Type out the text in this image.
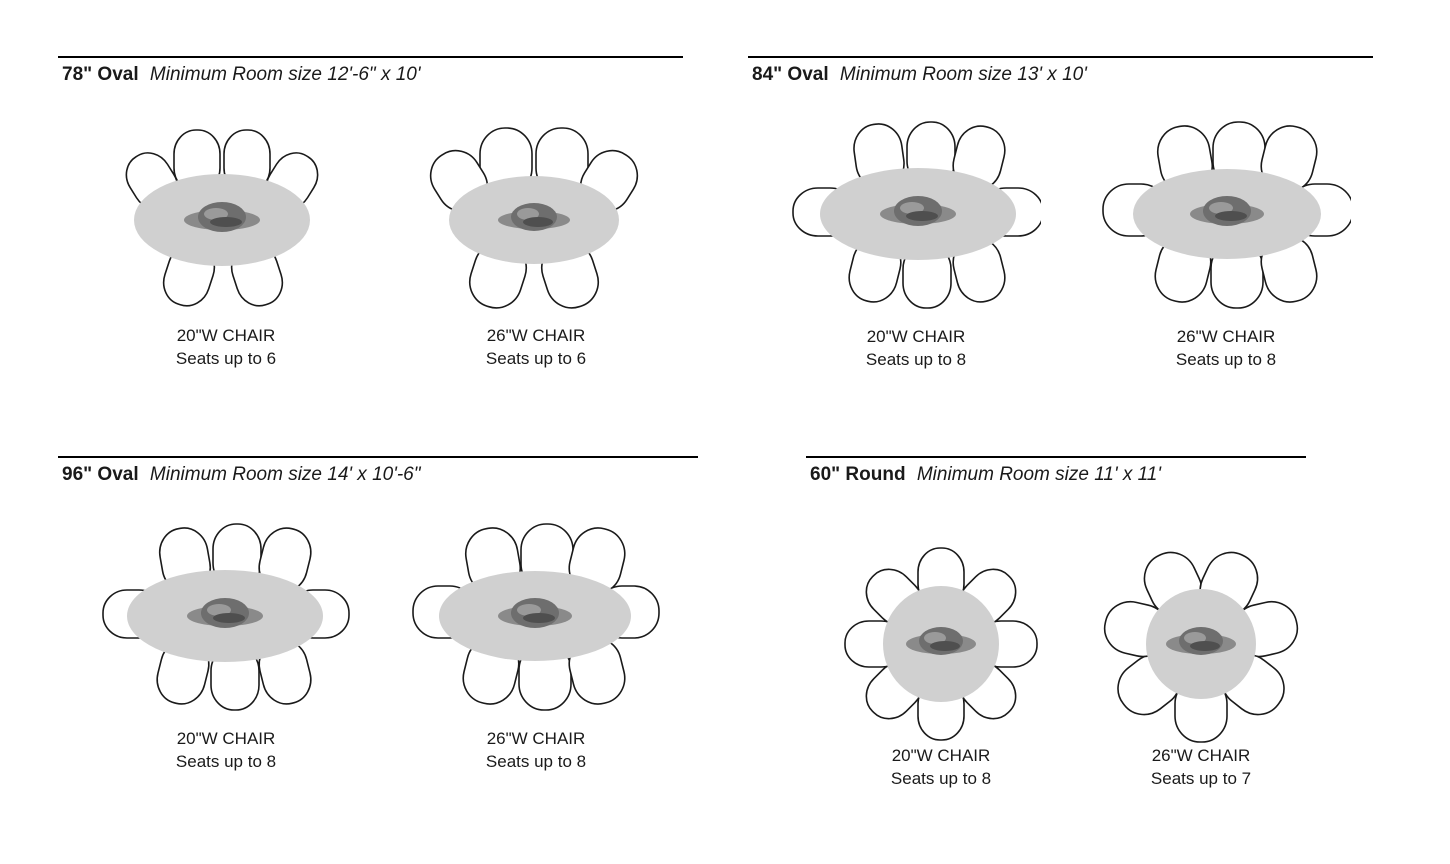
78" Oval Minimum Room size 12'-6" x 10'
20"W CHAIR
Seats up to 6
26"W CHAIR
Seats up to 6
84" Oval Minimum Room size 13' x 10'
20"W CHAIR
Seats up to 8
26"W CHAIR
Seats up to 8
96" Oval Minimum Room size 14' x 10'-6"
20"W CHAIR
Seats up to 8
26"W CHAIR
Seats up to 8
60" Round Minimum Room size 11' x 11'
20"W CHAIR
Seats up to 8
26"W CHAIR
Seats up to 7
